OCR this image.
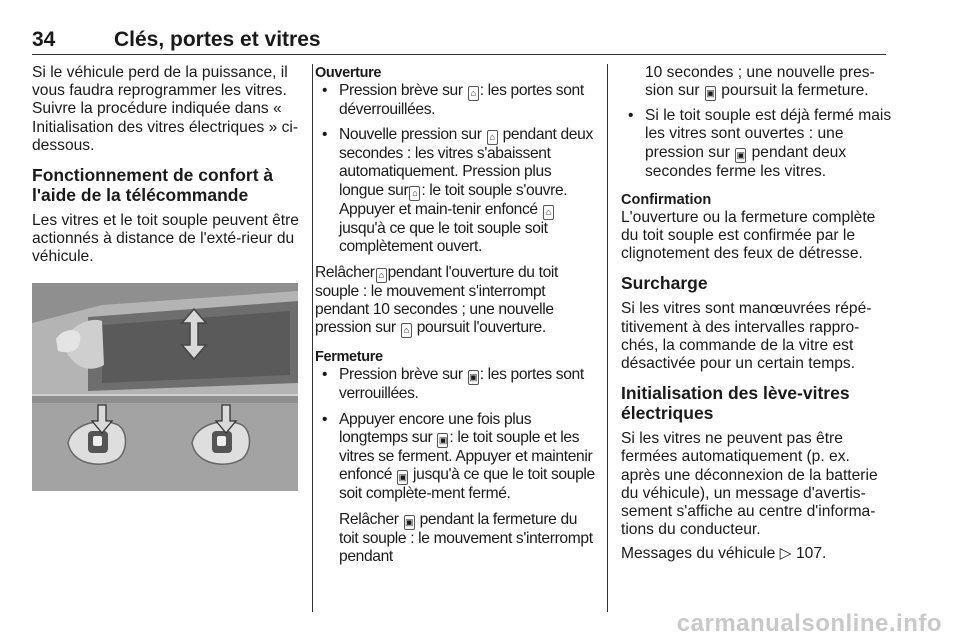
34	Clés, portes et vitres

Si le véhicule perd de la puissance, il vous faudra reprogrammer les vitres. Suivre la procédure indiquée dans « Initialisation des vitres électriques » ci-dessous.

Fonctionnement de confort à l'aide de la télécommande

Les vitres et le toit souple peuvent être actionnés à distance de l'exté-rieur du véhicule.

Ouverture
• Pression brève sur ⌂ : les portes sont déverrouillées.
• Nouvelle pression sur ⌂ pendant deux secondes : les vitres s'abaissent automatiquement. Pression plus longue sur ⌂ : le toit souple s'ouvre. Appuyer et main-tenir enfoncé ⌂ jusqu'à ce que le toit souple soit complètement ouvert.

Relâcher ⌂ pendant l'ouverture du toit souple : le mouvement s'interrompt pendant 10 secondes ; une nouvelle pression sur ⌂ poursuit l'ouverture.

Fermeture
• Pression brève sur ▣ : les portes sont verrouillées.
• Appuyer encore une fois plus longtemps sur ▣ : le toit souple et les vitres se ferment. Appuyer et maintenir enfoncé ▣ jusqu'à ce que le toit souple soit complète-ment fermé.

Relâcher ▣ pendant la fermeture du toit souple : le mouvement s'interrompt pendant

10 secondes ; une nouvelle pres-sion sur ▣ poursuit la fermeture.

• Si le toit souple est déjà fermé mais les vitres sont ouvertes : une pression sur ▣ pendant deux secondes ferme les vitres.
Confirmation

L'ouverture ou la fermeture complète du toit souple est confirmée par le clignotement des feux de détresse.

Surcharge

Si les vitres sont manœuvrées répé-titivement à des intervalles rappro-chés, la commande de la vitre est désactivée pour un certain temps.

Initialisation des lève-vitres électriques

Si les vitres ne peuvent pas être fermées automatiquement (p. ex. après une déconnexion de la batterie du véhicule), un message d'avertis-sement s'affiche au centre d'informa-tions du conducteur.

Messages du véhicule ▷ 107.

carmanualsonline.info
